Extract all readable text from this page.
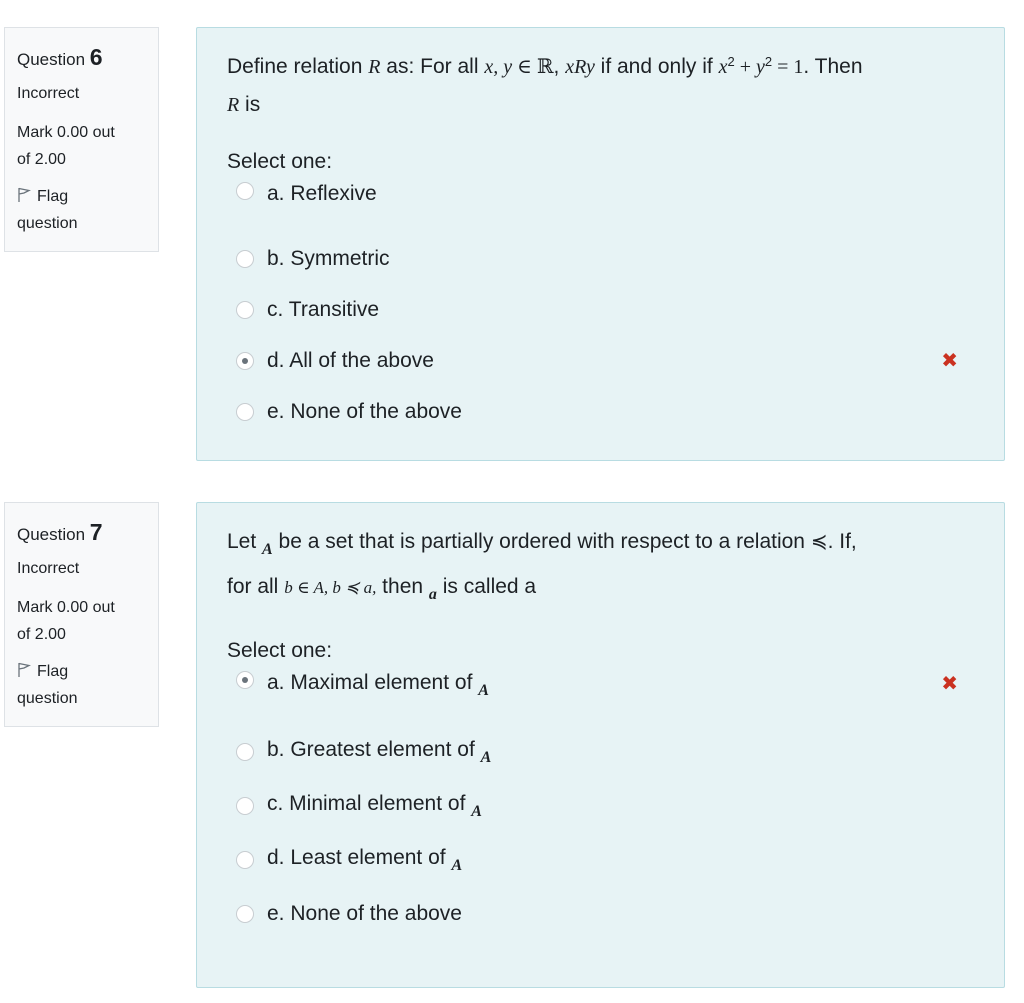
Question 6
Incorrect
Mark 0.00 out
of 2.00
Flag
question

Define relation R as: For all x, y ∈ ℝ, xRy if and only if $x^2 + y^2 = 1$. Then
R is

Select one:
a. Reflexive
b. Symmetric
c. Transitive
d. All of the above	✖
e. None of the above
Question 7
Incorrect
Mark 0.00 out
of 2.00
Flag
question

Let $_A$ be a set that is partially ordered with respect to a relation ≼. If,
for all b ∈ A, b ≼ a, then $_a$ is called a

Select one:
a. Maximal element of $_A$	✖
b. Greatest element of $_A$
c. Minimal element of $_A$
d. Least element of $_A$
e. None of the above
